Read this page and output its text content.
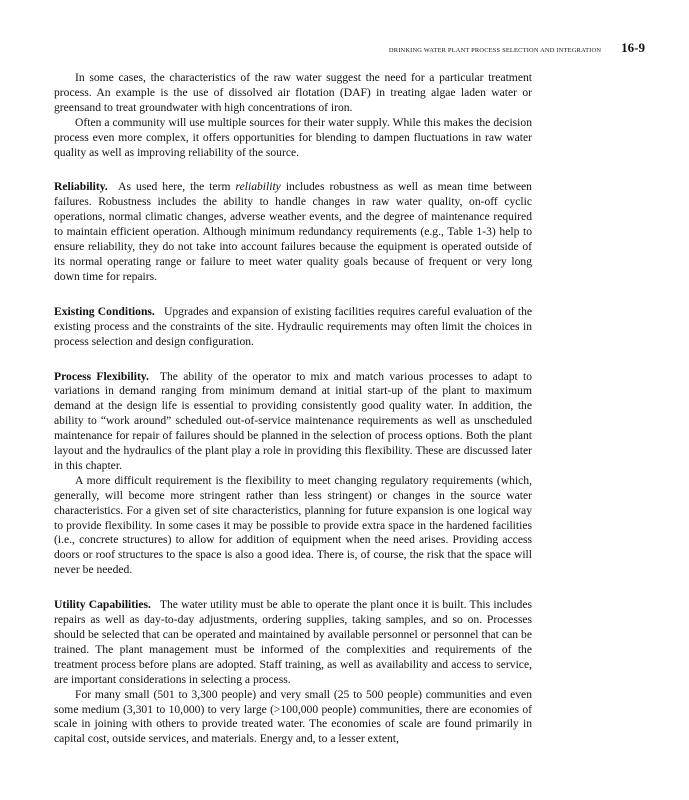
DRINKING WATER PLANT PROCESS SELECTION AND INTEGRATION 16-9

In some cases, the characteristics of the raw water suggest the need for a particular treatment process. An example is the use of dissolved air flotation (DAF) in treating algae laden water or greensand to treat groundwater with high concentrations of iron.

Often a community will use multiple sources for their water supply. While this makes the decision process even more complex, it offers opportunities for blending to dampen fluctuations in raw water quality as well as improving reliability of the source.

Reliability. As used here, the term reliability includes robustness as well as mean time between failures. Robustness includes the ability to handle changes in raw water quality, on-off cyclic operations, normal climatic changes, adverse weather events, and the degree of maintenance required to maintain efficient operation. Although minimum redundancy requirements (e.g., Table 1-3) help to ensure reliability, they do not take into account failures because the equipment is operated outside of its normal operating range or failure to meet water quality goals because of frequent or very long down time for repairs.

Existing Conditions. Upgrades and expansion of existing facilities requires careful evaluation of the existing process and the constraints of the site. Hydraulic requirements may often limit the choices in process selection and design configuration.

Process Flexibility. The ability of the operator to mix and match various processes to adapt to variations in demand ranging from minimum demand at initial start-up of the plant to maximum demand at the design life is essential to providing consistently good quality water. In addition, the ability to “work around” scheduled out-of-service maintenance requirements as well as unscheduled maintenance for repair of failures should be planned in the selection of process options. Both the plant layout and the hydraulics of the plant play a role in providing this flexibility. These are discussed later in this chapter.

A more difficult requirement is the flexibility to meet changing regulatory requirements (which, generally, will become more stringent rather than less stringent) or changes in the source water characteristics. For a given set of site characteristics, planning for future expansion is one logical way to provide flexibility. In some cases it may be possible to provide extra space in the hardened facilities (i.e., concrete structures) to allow for addition of equipment when the need arises. Providing access doors or roof structures to the space is also a good idea. There is, of course, the risk that the space will never be needed.

Utility Capabilities. The water utility must be able to operate the plant once it is built. This includes repairs as well as day-to-day adjustments, ordering supplies, taking samples, and so on. Processes should be selected that can be operated and maintained by available personnel or personnel that can be trained. The plant management must be informed of the complexities and requirements of the treatment process before plans are adopted. Staff training, as well as availability and access to service, are important considerations in selecting a process.

For many small (501 to 3,300 people) and very small (25 to 500 people) communities and even some medium (3,301 to 10,000) to very large (>100,000 people) communities, there are economies of scale in joining with others to provide treated water. The economies of scale are found primarily in capital cost, outside services, and materials. Energy and, to a lesser extent,
